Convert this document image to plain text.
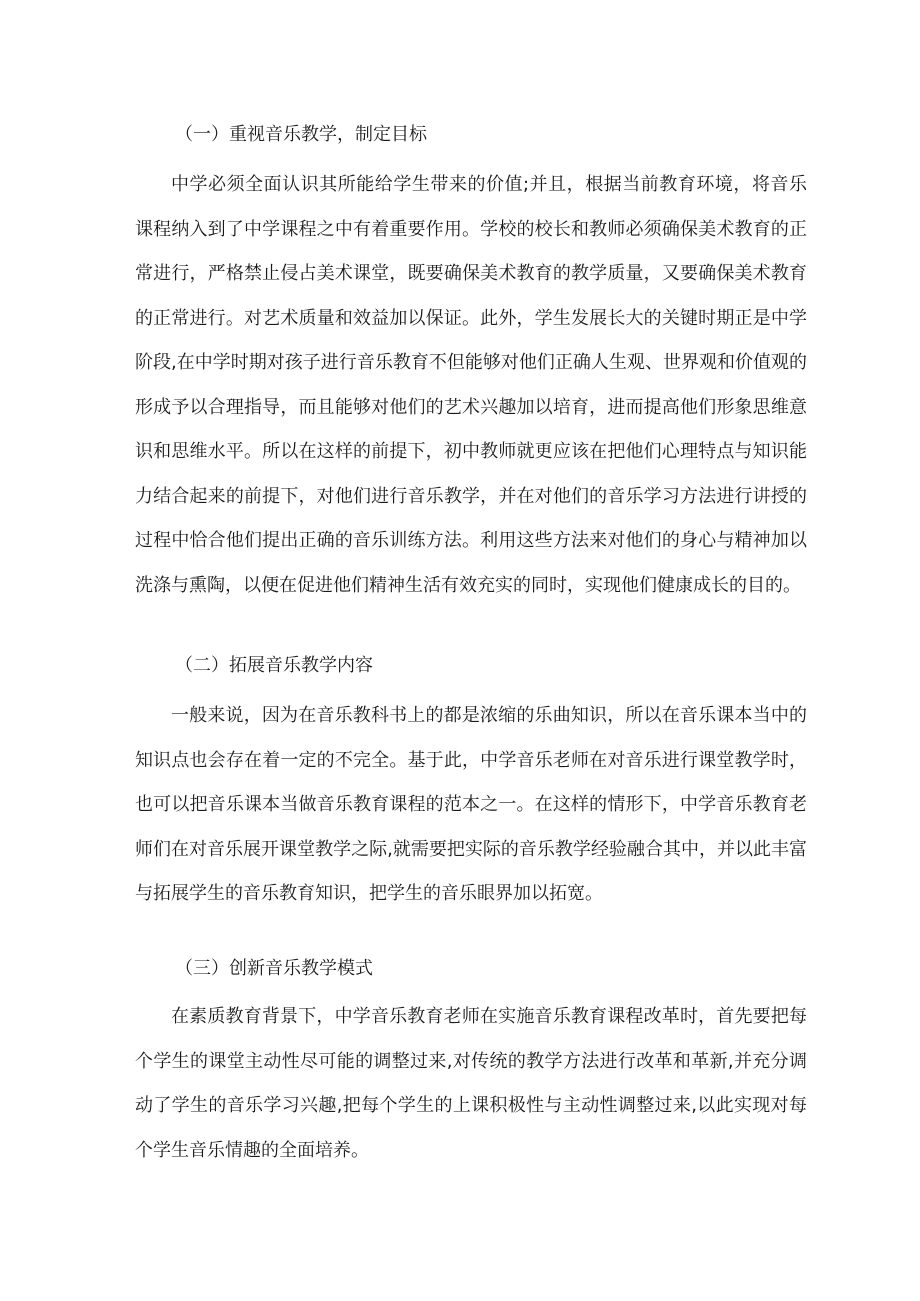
（一）重视音乐教学，制定目标

中学必须全面认识其所能给学生带来的价值;并且，根据当前教育环境，将音乐课程纳入到了中学课程之中有着重要作用。学校的校长和教师必须确保美术教育的正常进行，严格禁止侵占美术课堂，既要确保美术教育的教学质量，又要确保美术教育的正常进行。对艺术质量和效益加以保证。此外，学生发展长大的关键时期正是中学阶段,在中学时期对孩子进行音乐教育不但能够对他们正确人生观、世界观和价值观的形成予以合理指导，而且能够对他们的艺术兴趣加以培育，进而提高他们形象思维意识和思维水平。所以在这样的前提下，初中教师就更应该在把他们心理特点与知识能力结合起来的前提下，对他们进行音乐教学，并在对他们的音乐学习方法进行讲授的过程中恰合他们提出正确的音乐训练方法。利用这些方法来对他们的身心与精神加以洗涤与熏陶，以便在促进他们精神生活有效充实的同时，实现他们健康成长的目的。

（二）拓展音乐教学内容

一般来说，因为在音乐教科书上的都是浓缩的乐曲知识，所以在音乐课本当中的知识点也会存在着一定的不完全。基于此，中学音乐老师在对音乐进行课堂教学时，也可以把音乐课本当做音乐教育课程的范本之一。在这样的情形下，中学音乐教育老师们在对音乐展开课堂教学之际,就需要把实际的音乐教学经验融合其中，并以此丰富与拓展学生的音乐教育知识，把学生的音乐眼界加以拓宽。

（三）创新音乐教学模式

在素质教育背景下，中学音乐教育老师在实施音乐教育课程改革时，首先要把每个学生的课堂主动性尽可能的调整过来,对传统的教学方法进行改革和革新,并充分调动了学生的音乐学习兴趣,把每个学生的上课积极性与主动性调整过来,以此实现对每个学生音乐情趣的全面培养。
